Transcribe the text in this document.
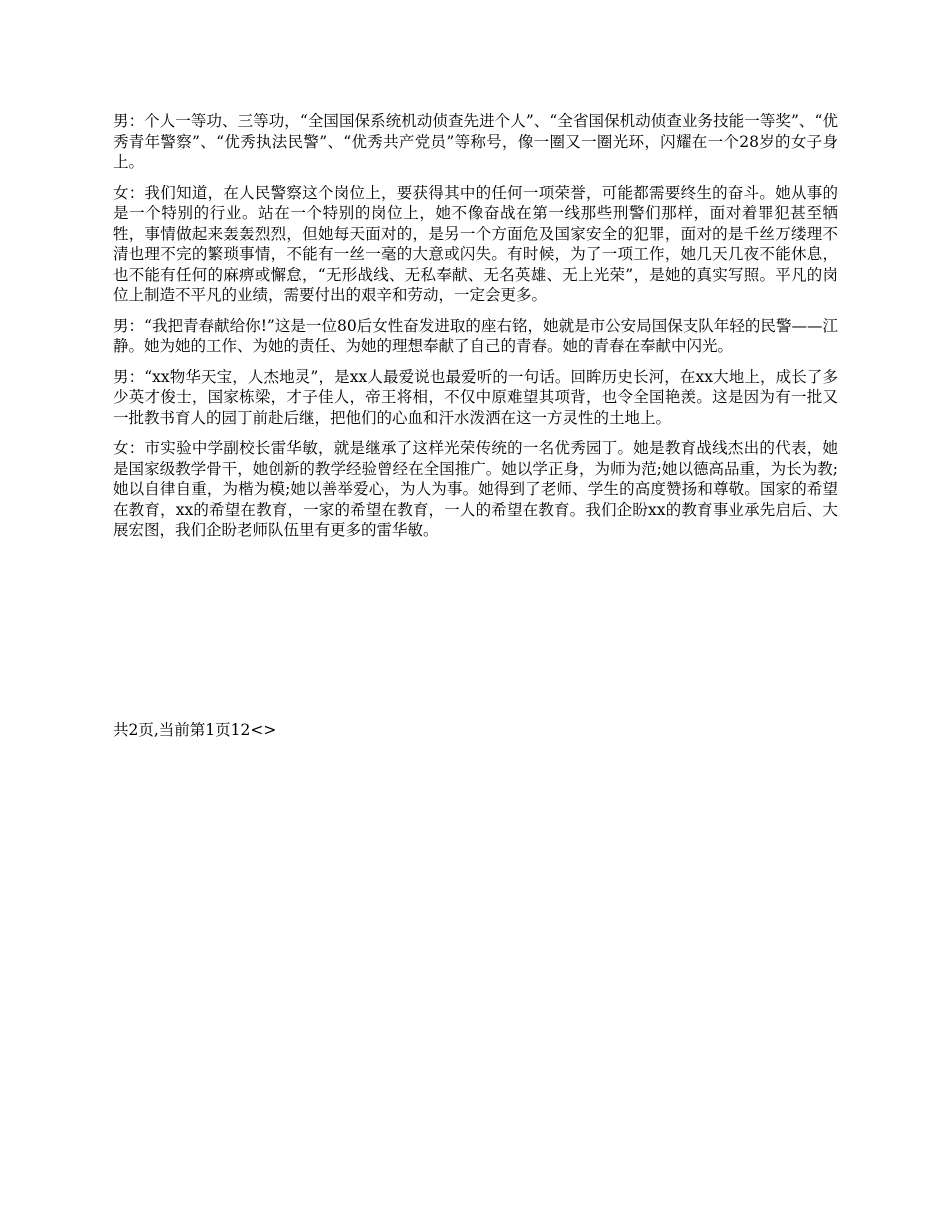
男：个人一等功、三等功，“全国国保系统机动侦查先进个人”、“全省国保机动侦查业务技能一等奖”、“优秀青年警察”、“优秀执法民警”、“优秀共产党员”等称号，像一圈又一圈光环，闪耀在一个28岁的女子身上。

女：我们知道，在人民警察这个岗位上，要获得其中的任何一项荣誉，可能都需要终生的奋斗。她从事的是一个特别的行业。站在一个特别的岗位上，她不像奋战在第一线那些刑警们那样，面对着罪犯甚至牺牲，事情做起来轰轰烈烈，但她每天面对的，是另一个方面危及国家安全的犯罪，面对的是千丝万缕理不清也理不完的繁琐事情，不能有一丝一毫的大意或闪失。有时候，为了一项工作，她几天几夜不能休息，也不能有任何的麻痹或懈怠，“无形战线、无私奉献、无名英雄、无上光荣”，是她的真实写照。平凡的岗位上制造不平凡的业绩，需要付出的艰辛和劳动，一定会更多。

男：“我把青春献给你!”这是一位80后女性奋发进取的座右铭，她就是市公安局国保支队年轻的民警——江静。她为她的工作、为她的责任、为她的理想奉献了自己的青春。她的青春在奉献中闪光。

男：“xx物华天宝，人杰地灵”，是xx人最爱说也最爱听的一句话。回眸历史长河，在xx大地上，成长了多少英才俊士，国家栋梁，才子佳人，帝王将相，不仅中原难望其项背，也令全国艳羡。这是因为有一批又一批教书育人的园丁前赴后继，把他们的心血和汗水泼洒在这一方灵性的土地上。

女：市实验中学副校长雷华敏，就是继承了这样光荣传统的一名优秀园丁。她是教育战线杰出的代表，她是国家级教学骨干，她创新的教学经验曾经在全国推广。她以学正身，为师为范;她以德高品重，为长为教;她以自律自重，为楷为模;她以善举爱心，为人为事。她得到了老师、学生的高度赞扬和尊敬。国家的希望在教育，xx的希望在教育，一家的希望在教育，一人的希望在教育。我们企盼xx的教育事业承先启后、大展宏图，我们企盼老师队伍里有更多的雷华敏。

共2页,当前第1页12<>
